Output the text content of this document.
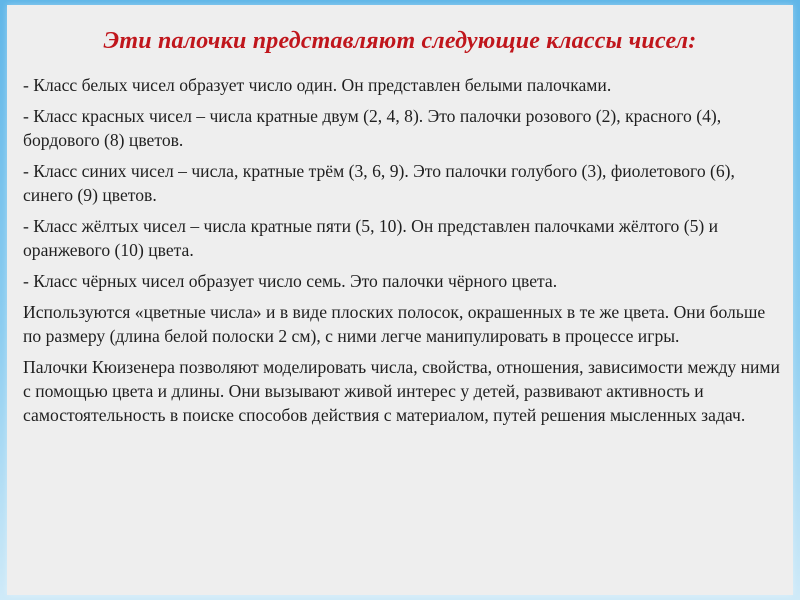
Эти палочки представляют следующие классы чисел:

- Класс белых чисел образует число один. Он представлен белыми палочками.

- Класс красных чисел – числа кратные двум (2, 4, 8). Это палочки розового (2), красного (4), бордового (8) цветов.

- Класс синих чисел – числа, кратные трём (3, 6, 9). Это палочки голубого (3), фиолетового (6), синего (9) цветов.

- Класс жёлтых чисел – числа кратные пяти (5, 10). Он представлен палочками жёлтого (5) и оранжевого (10) цвета.

- Класс чёрных чисел образует число семь. Это палочки чёрного цвета.

Используются «цветные числа» и в виде плоских полосок, окрашенных в те же цвета. Они больше по размеру (длина белой полоски 2 см), с ними легче манипулировать в процессе игры.

Палочки Кюизенера позволяют моделировать числа, свойства, отношения, зависимости между ними с помощью цвета и длины. Они вызывают живой интерес у детей, развивают активность и самостоятельность в поиске способов действия с материалом, путей решения мысленных задач.
